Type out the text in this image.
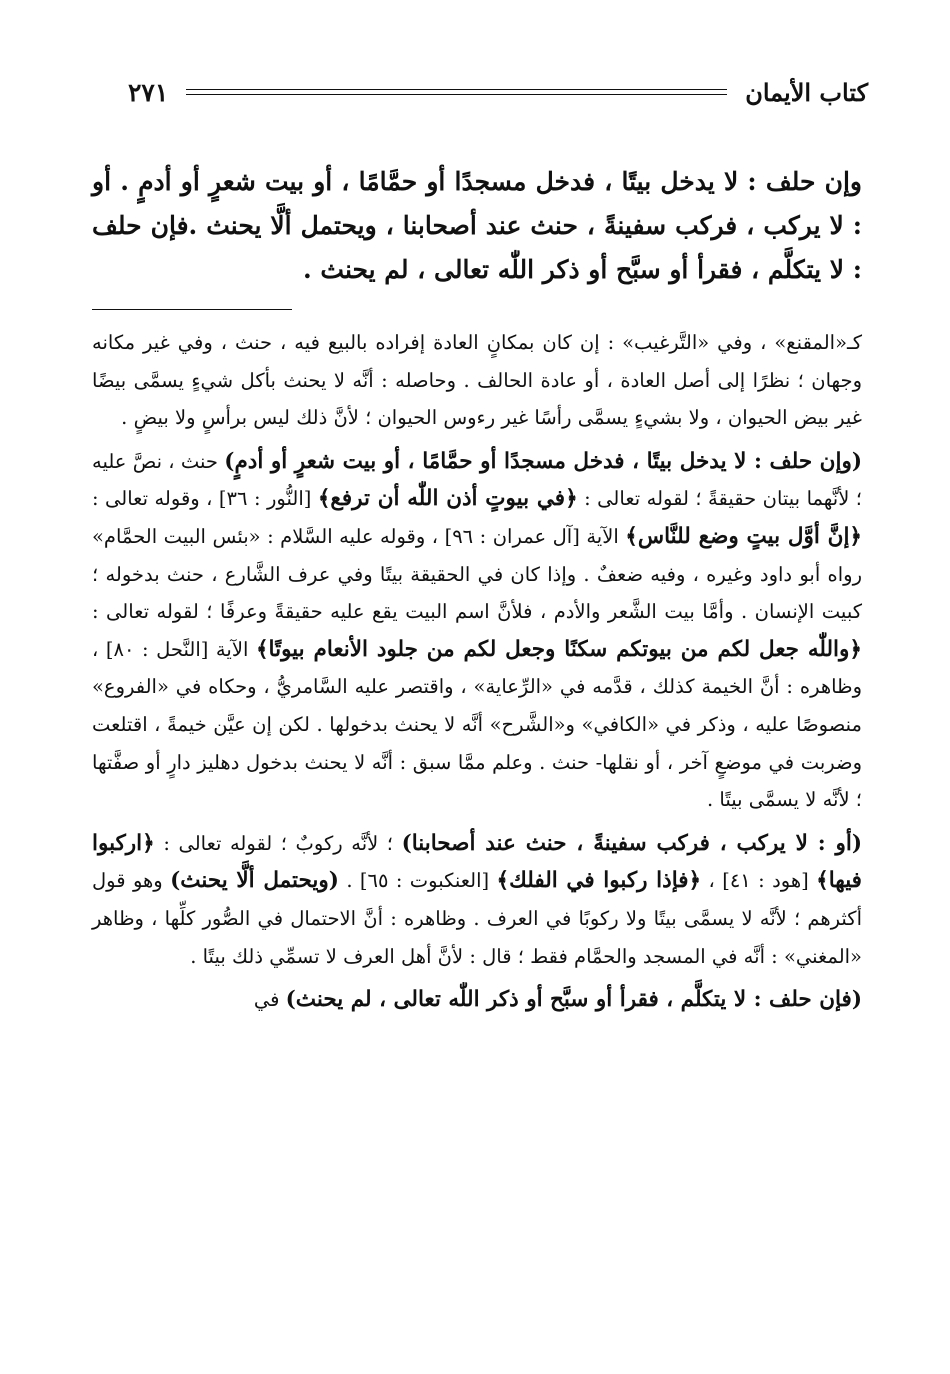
كتاب الأيمان
٢٧١

وإن حلف : لا يدخل بيتًا ، فدخل مسجدًا أو حمَّامًا ، أو بيت شعرٍ أو أدمٍ . أو : لا يركب ، فركب سفينةً ، حنث عند أصحابنا ، ويحتمل ألَّا يحنث .فإن حلف : لا يتكلَّم ، فقرأ أو سبَّح أو ذكر اللّٰه تعالى ، لم يحنث .

كـ«المقنع» ، وفي «التَّرغيب» : إن كان بمكانٍ العادة إفراده بالبيع فيه ، حنث ، وفي غير مكانه وجهان ؛ نظرًا إلى أصل العادة ، أو عادة الحالف . وحاصله : أنَّه لا يحنث بأكل شيءٍ يسمَّى بيضًا غير بيض الحيوان ، ولا بشيءٍ يسمَّى رأسًا غير رءوس الحيوان ؛ لأنَّ ذلك ليس برأسٍ ولا بيضٍ .

(وإن حلف : لا يدخل بيتًا ، فدخل مسجدًا أو حمَّامًا ، أو بيت شعرٍ أو أدمٍ) حنث ، نصَّ عليه ؛ لأنَّهما بيتان حقيقةً ؛ لقوله تعالى : ﴿في بيوتٍ أذن اللّٰه أن ترفع﴾ [النُّور : ٣٦] ، وقوله تعالى : ﴿إنَّ أوَّل بيتٍ وضع للنَّاس﴾ الآية [آل عمران : ٩٦] ، وقوله عليه السَّلام : «بئس البيت الحمَّام» رواه أبو داود وغيره ، وفيه ضعفٌ . وإذا كان في الحقيقة بيتًا وفي عرف الشَّارع ، حنث بدخوله ؛ كبيت الإنسان . وأمَّا بيت الشَّعر والأدم ، فلأنَّ اسم البيت يقع عليه حقيقةً وعرفًا ؛ لقوله تعالى : ﴿واللّٰه جعل لكم من بيوتكم سكنًا وجعل لكم من جلود الأنعام بيوتًا﴾ الآية [النَّحل : ٨٠] ، وظاهره : أنَّ الخيمة كذلك ، قدَّمه في «الرِّعاية» ، واقتصر عليه السَّامريُّ ، وحكاه في «الفروع» منصوصًا عليه ، وذكر في «الكافي» و«الشَّرح» أنَّه لا يحنث بدخولها . لكن إن عيَّن خيمةً ، اقتلعت وضربت في موضعٍ آخر ، أو نقلها- حنث . وعلم ممَّا سبق : أنَّه لا يحنث بدخول دهليز دارٍ أو صفَّتها ؛ لأنَّه لا يسمَّى بيتًا .

(أو : لا يركب ، فركب سفينةً ، حنث عند أصحابنا) ؛ لأنَّه ركوبٌ ؛ لقوله تعالى : ﴿اركبوا فيها﴾ [هود : ٤١] ، ﴿فإذا ركبوا في الفلك﴾ [العنكبوت : ٦٥] . (ويحتمل ألَّا يحنث) وهو قول أكثرهم ؛ لأنَّه لا يسمَّى بيتًا ولا ركوبًا في العرف . وظاهره : أنَّ الاحتمال في الصُّور كلِّها ، وظاهر «المغني» : أنَّه في المسجد والحمَّام فقط ؛ قال : لأنَّ أهل العرف لا تسمِّي ذلك بيتًا .

(فإن حلف : لا يتكلَّم ، فقرأ أو سبَّح أو ذكر اللّٰه تعالى ، لم يحنث) في
